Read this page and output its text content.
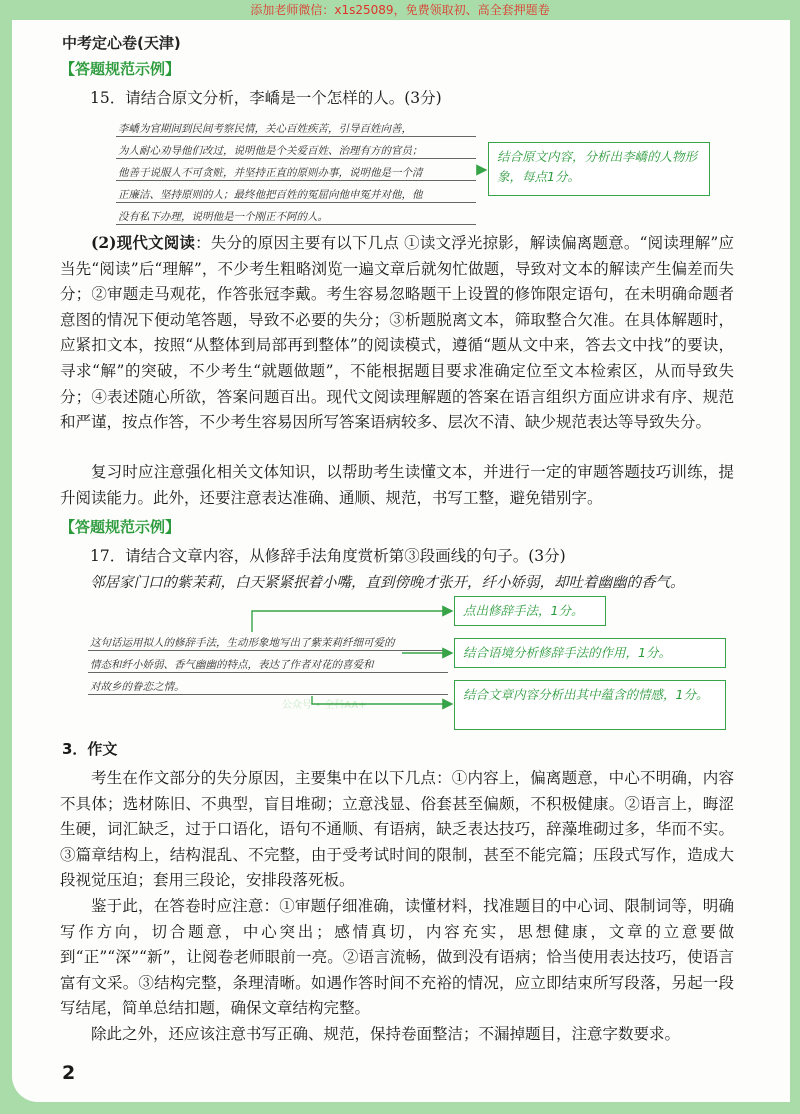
添加老师微信：x1s25089，免费领取初、高全套押题卷
中考定心卷(天津)
【答题规范示例】
15．请结合原文分析，李嶠是一个怎样的人。(3分)
李嶠为官期间到民间考察民情，关心百姓疾苦，引导百姓向善，
为人耐心劝导他们改过，说明他是个关爱百姓、治理有方的官员；
他善于说服人不可贪赃，并坚持正直的原则办事，说明他是一个清
正廉洁、坚持原则的人；最终他把百姓的冤屈向他申冤并对他，他
没有私下办理，说明他是一个刚正不阿的人。
结合原文内容，分析出李嶠的人物形象，每点1分。

(2)现代文阅读：失分的原因主要有以下几点 ①读文浮光掠影，解读偏离题意。“阅读理解”应当先“阅读”后“理解”，不少考生粗略浏览一遍文章后就匆忙做题，导致对文本的解读产生偏差而失分；②审题走马观花，作答张冠李戴。考生容易忽略题干上设置的修饰限定语句，在未明确命题者意图的情况下便动笔答题，导致不必要的失分；③析题脱离文本，筛取整合欠准。在具体解题时，应紧扣文本，按照“从整体到局部再到整体”的阅读模式，遵循“题从文中来，答去文中找”的要诀，寻求“解”的突破，不少考生“就题做题”，不能根据题目要求准确定位至文本检索区，从而导致失分；④表述随心所欲，答案问题百出。现代文阅读理解题的答案在语言组织方面应讲求有序、规范和严谨，按点作答，不少考生容易因所写答案语病较多、层次不清、缺少规范表达等导致失分。

复习时应注意强化相关文体知识，以帮助考生读懂文本，并进行一定的审题答题技巧训练，提升阅读能力。此外，还要注意表达准确、通顺、规范，书写工整，避免错别字。

【答题规范示例】
17．请结合文章内容，从修辞手法角度赏析第③段画线的句子。(3分)
邻居家门口的紫茉莉，白天紧紧抿着小嘴，直到傍晚才张开，纤小娇弱，却吐着幽幽的香气。
这句话运用拟人的修辞手法，生动形象地写出了紫茉莉纤细可爱的
情态和纤小娇弱、香气幽幽的特点，表达了作者对花的喜爱和
对故乡的眷恋之情。
点出修辞手法，1分。
结合语境分析修辞手法的作用，1分。
结合文章内容分析出其中蕴含的情感，1分。
公众号 • 全科AA+
3．作文

考生在作文部分的失分原因，主要集中在以下几点：①内容上，偏离题意，中心不明确，内容不具体；选材陈旧、不典型，盲目堆砌；立意浅显、俗套甚至偏颇，不积极健康。②语言上，晦涩生硬，词汇缺乏，过于口语化，语句不通顺、有语病，缺乏表达技巧，辞藻堆砌过多，华而不实。③篇章结构上，结构混乱、不完整，由于受考试时间的限制，甚至不能完篇；压段式写作，造成大段视觉压迫；套用三段论，安排段落死板。

鉴于此，在答卷时应注意：①审题仔细准确，读懂材料，找准题目的中心词、限制词等，明确写作方向，切合题意，中心突出；感情真切，内容充实，思想健康，文章的立意要做到“正”“深”“新”，让阅卷老师眼前一亮。②语言流畅，做到没有语病；恰当使用表达技巧，使语言富有文采。③结构完整，条理清晰。如遇作答时间不充裕的情况，应立即结束所写段落，另起一段写结尾，简单总结扣题，确保文章结构完整。

除此之外，还应该注意书写正确、规范，保持卷面整洁；不漏掉题目，注意字数要求。

2
